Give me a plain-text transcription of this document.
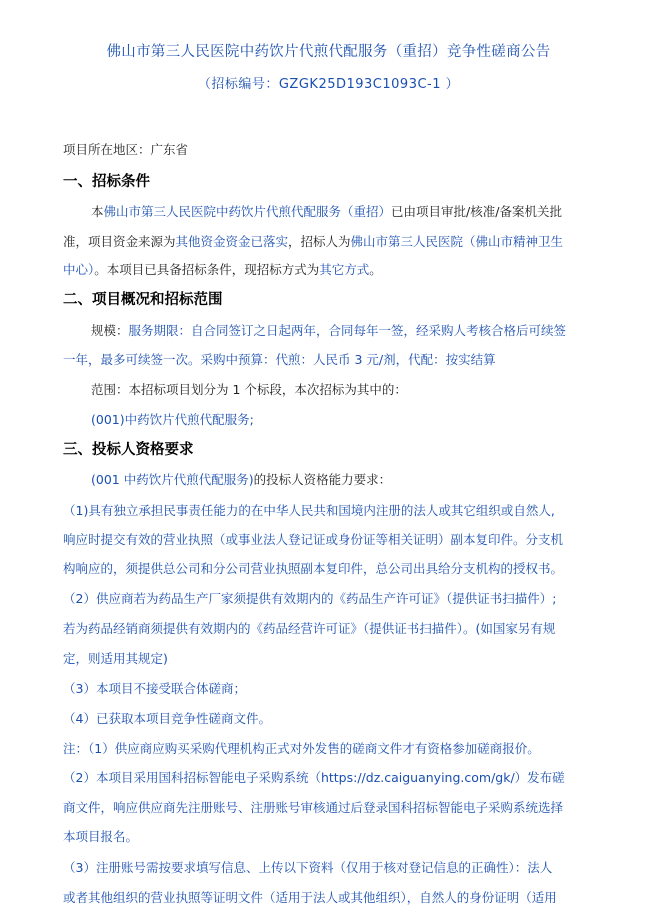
佛山市第三人民医院中药饮片代煎代配服务（重招）竞争性磋商公告
（招标编号：GZGK25D193C1093C-1 ）
项目所在地区：广东省
一、招标条件
本佛山市第三人民医院中药饮片代煎代配服务（重招）已由项目审批/核准/备案机关批
准，项目资金来源为其他资金资金已落实，招标人为佛山市第三人民医院（佛山市精神卫生
中心）。本项目已具备招标条件，现招标方式为其它方式。
二、项目概况和招标范围
规模：服务期限：自合同签订之日起两年，合同每年一签，经采购人考核合格后可续签
一年，最多可续签一次。采购中预算：代煎：人民币 3 元/剂，代配：按实结算
范围：本招标项目划分为 1 个标段，本次招标为其中的：
(001)中药饮片代煎代配服务;
三、投标人资格要求
(001 中药饮片代煎代配服务)的投标人资格能力要求：
（1)具有独立承担民事责任能力的在中华人民共和国境内注册的法人或其它组织或自然人,
响应时提交有效的营业执照（或事业法人登记证或身份证等相关证明）副本复印件。分支机
构响应的，须提供总公司和分公司营业执照副本复印件，总公司出具给分支机构的授权书。
（2）供应商若为药品生产厂家须提供有效期内的《药品生产许可证》（提供证书扫描件）;
若为药品经销商须提供有效期内的《药品经营许可证》（提供证书扫描件）。(如国家另有规
定，则适用其规定)
（3）本项目不接受联合体磋商；
（4）已获取本项目竞争性磋商文件。
注：（1）供应商应购买采购代理机构正式对外发售的磋商文件才有资格参加磋商报价。
（2）本项目采用国科招标智能电子采购系统（https://dz.caiguanying.com/gk/）发布磋
商文件，响应供应商先注册账号、注册账号审核通过后登录国科招标智能电子采购系统选择
本项目报名。
（3）注册账号需按要求填写信息、上传以下资料（仅用于核对登记信息的正确性）：法人
或者其他组织的营业执照等证明文件（适用于法人或其他组织），自然人的身份证明（适用
